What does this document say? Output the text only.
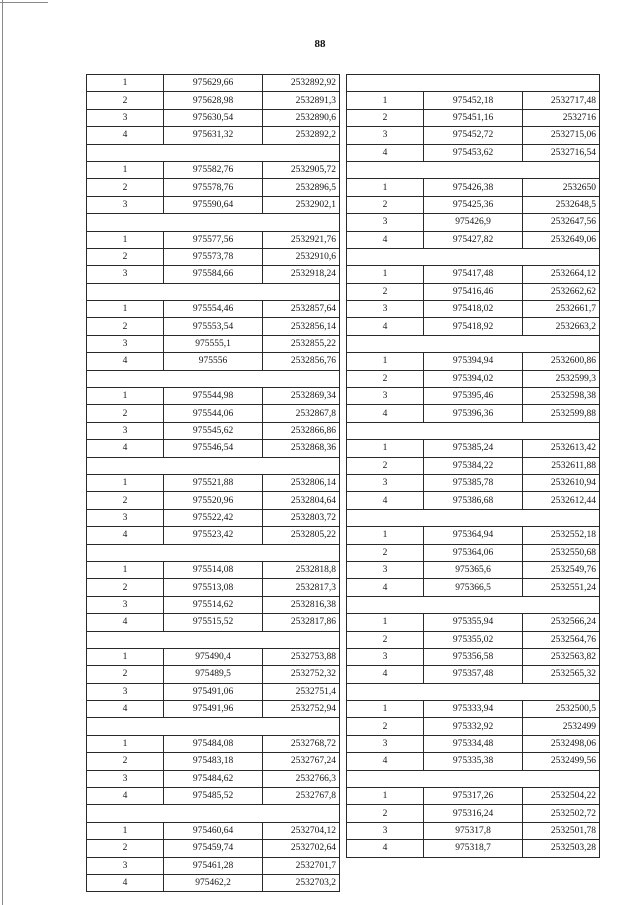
88
1	975629,66	2532892,92
2	975628,98	2532891,3
3	975630,54	2532890,6
4	975631,32	2532892,2

1	975582,76	2532905,72
2	975578,76	2532896,5
3	975590,64	2532902,1

1	975577,56	2532921,76
2	975573,78	2532910,6
3	975584,66	2532918,24

1	975554,46	2532857,64
2	975553,54	2532856,14
3	975555,1	2532855,22
4	975556	2532856,76

1	975544,98	2532869,34
2	975544,06	2532867,8
3	975545,62	2532866,86
4	975546,54	2532868,36

1	975521,88	2532806,14
2	975520,96	2532804,64
3	975522,42	2532803,72
4	975523,42	2532805,22

1	975514,08	2532818,8
2	975513,08	2532817,3
3	975514,62	2532816,38
4	975515,52	2532817,86

1	975490,4	2532753,88
2	975489,5	2532752,32
3	975491,06	2532751,4
4	975491,96	2532752,94

1	975484,08	2532768,72
2	975483,18	2532767,24
3	975484,62	2532766,3
4	975485,52	2532767,8

1	975460,64	2532704,12
2	975459,74	2532702,64
3	975461,28	2532701,7
4	975462,2	2532703,2

1	975452,18	2532717,48
2	975451,16	2532716
3	975452,72	2532715,06
4	975453,62	2532716,54

1	975426,38	2532650
2	975425,36	2532648,5
3	975426,9	2532647,56
4	975427,82	2532649,06

1	975417,48	2532664,12
2	975416,46	2532662,62
3	975418,02	2532661,7
4	975418,92	2532663,2

1	975394,94	2532600,86
2	975394,02	2532599,3
3	975395,46	2532598,38
4	975396,36	2532599,88

1	975385,24	2532613,42
2	975384,22	2532611,88
3	975385,78	2532610,94
4	975386,68	2532612,44

1	975364,94	2532552,18
2	975364,06	2532550,68
3	975365,6	2532549,76
4	975366,5	2532551,24

1	975355,94	2532566,24
2	975355,02	2532564,76
3	975356,58	2532563,82
4	975357,48	2532565,32

1	975333,94	2532500,5
2	975332,92	2532499
3	975334,48	2532498,06
4	975335,38	2532499,56

1	975317,26	2532504,22
2	975316,24	2532502,72
3	975317,8	2532501,78
4	975318,7	2532503,28
